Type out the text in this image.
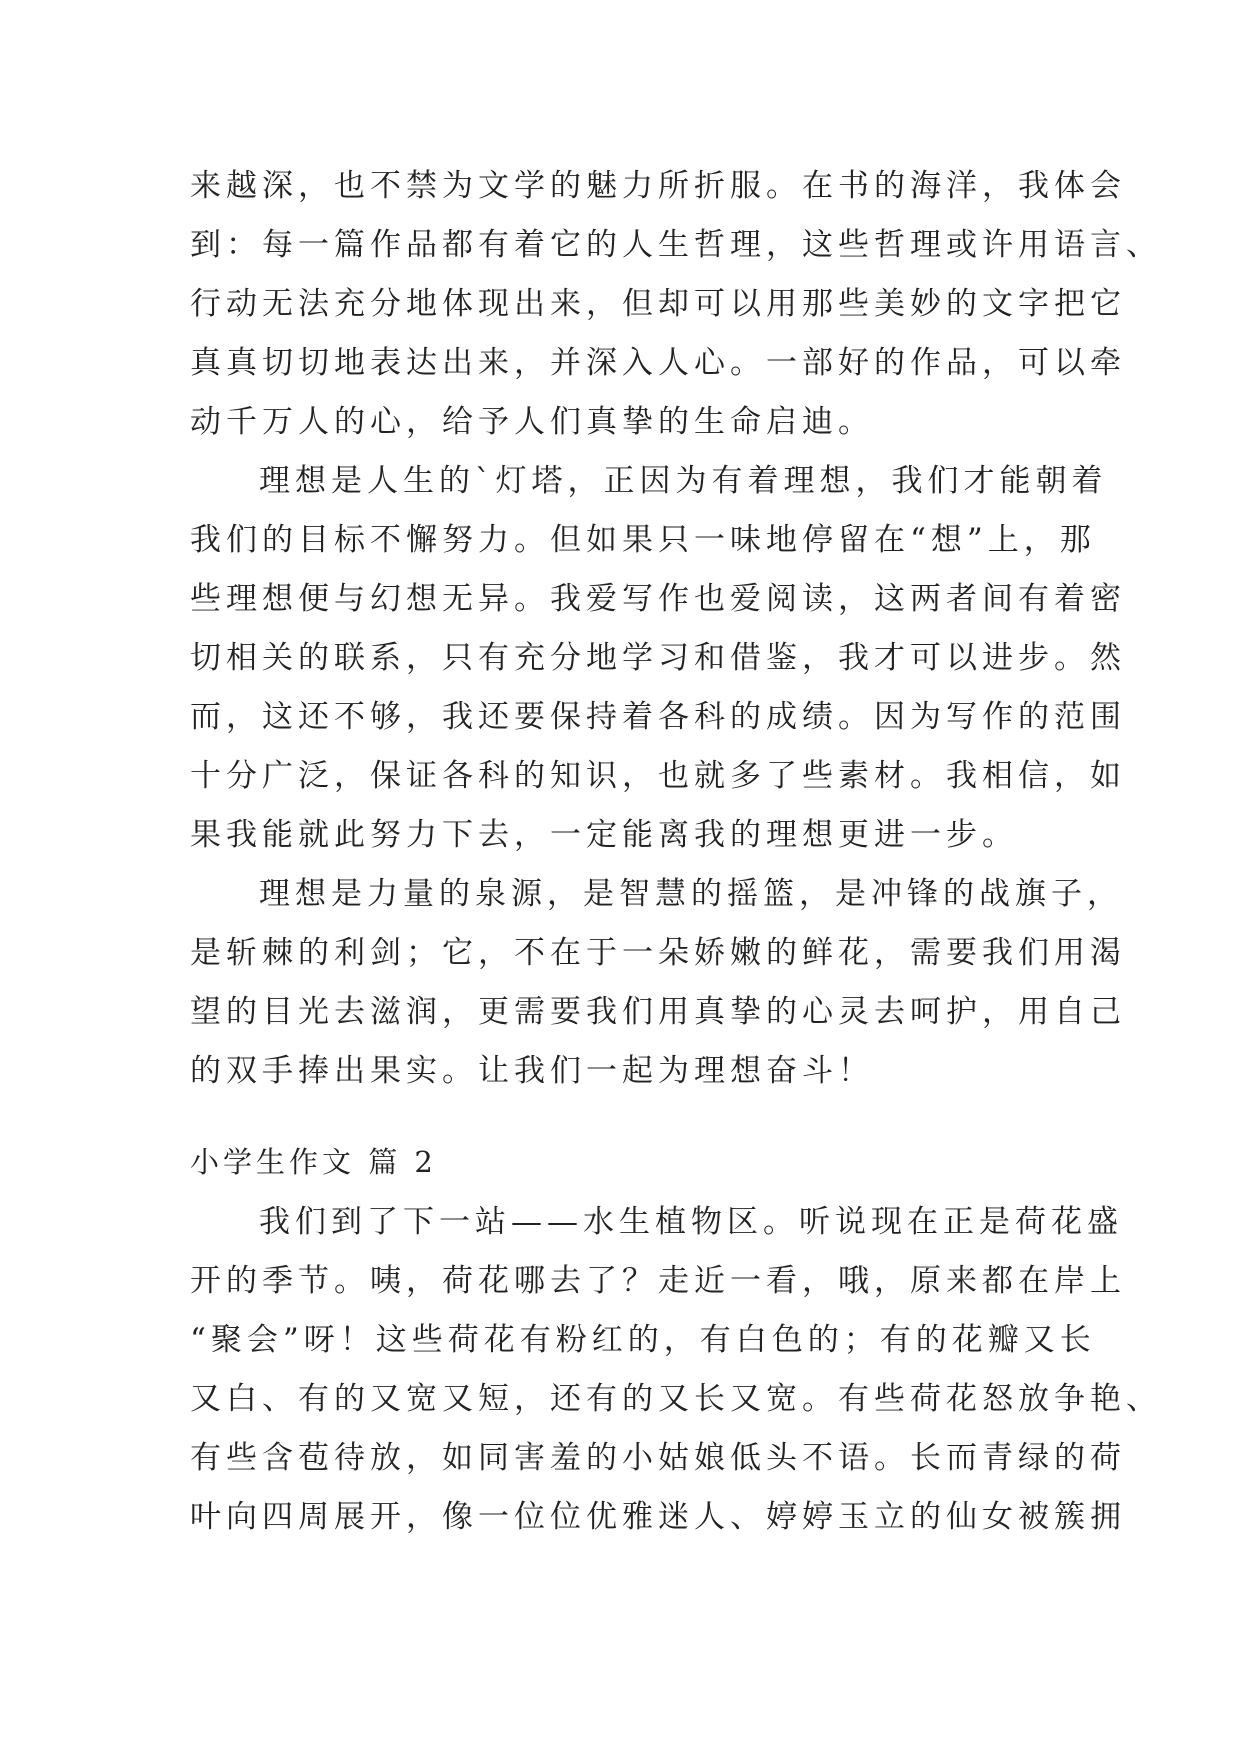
来越深，也不禁为文学的魅力所折服。在书的海洋，我体会
到：每一篇作品都有着它的人生哲理，这些哲理或许用语言、
行动无法充分地体现出来，但却可以用那些美妙的文字把它
真真切切地表达出来，并深入人心。一部好的作品，可以牵
动千万人的心，给予人们真挚的生命启迪。
理想是人生的`灯塔，正因为有着理想，我们才能朝着
我们的目标不懈努力。但如果只一味地停留在“想”上，那
些理想便与幻想无异。我爱写作也爱阅读，这两者间有着密
切相关的联系，只有充分地学习和借鉴，我才可以进步。然
而，这还不够，我还要保持着各科的成绩。因为写作的范围
十分广泛，保证各科的知识，也就多了些素材。我相信，如
果我能就此努力下去，一定能离我的理想更进一步。
理想是力量的泉源，是智慧的摇篮，是冲锋的战旗子，
是斩棘的利剑；它，不在于一朵娇嫩的鲜花，需要我们用渴
望的目光去滋润，更需要我们用真挚的心灵去呵护，用自己
的双手捧出果实。让我们一起为理想奋斗！
小学生作文 篇 2
我们到了下一站——水生植物区。听说现在正是荷花盛
开的季节。咦，荷花哪去了？走近一看，哦，原来都在岸上
“聚会”呀！这些荷花有粉红的，有白色的；有的花瓣又长
又白、有的又宽又短，还有的又长又宽。有些荷花怒放争艳、
有些含苞待放，如同害羞的小姑娘低头不语。长而青绿的荷
叶向四周展开，像一位位优雅迷人、婷婷玉立的仙女被簇拥
